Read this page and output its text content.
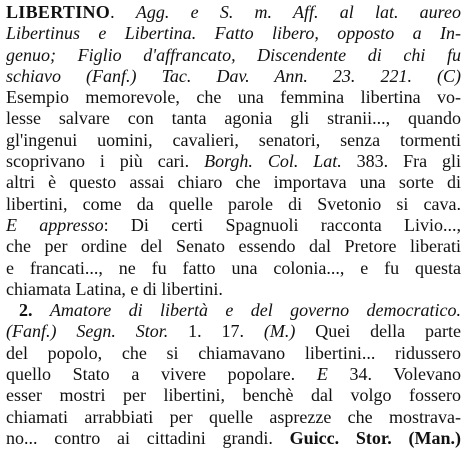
LIBERTINO. Agg. e S. m. Aff. al lat. aureo
Libertinus e Libertina. Fatto libero, opposto a In-
genuo; Figlio d'affrancato, Discendente di chi fu
schiavo (Fanf.) Tac. Dav. Ann. 23. 221. (C)
Esempio memorevole, che una femmina libertina vo-
lesse salvare con tanta agonia gli stranii..., quando
gl'ingenui uomini, cavalieri, senatori, senza tormenti
scoprivano i più cari. Borgh. Col. Lat. 383. Fra gli
altri è questo assai chiaro che importava una sorte di
libertini, come da quelle parole di Svetonio si cava.
E appresso: Di certi Spagnuoli racconta Livio...,
che per ordine del Senato essendo dal Pretore liberati
e francati..., ne fu fatto una colonia..., e fu questa
chiamata Latina, e di libertini.
2. Amatore di libertà e del governo democratico.
(Fanf.) Segn. Stor. 1. 17. (M.) Quei della parte
del popolo, che si chiamavano libertini... ridussero
quello Stato a vivere popolare. E 34. Volevano
esser mostri per libertini, benchè dal volgo fossero
chiamati arrabbiati per quelle asprezze che mostrava-
no... contro ai cittadini grandi. Guicc. Stor. (Man.)
